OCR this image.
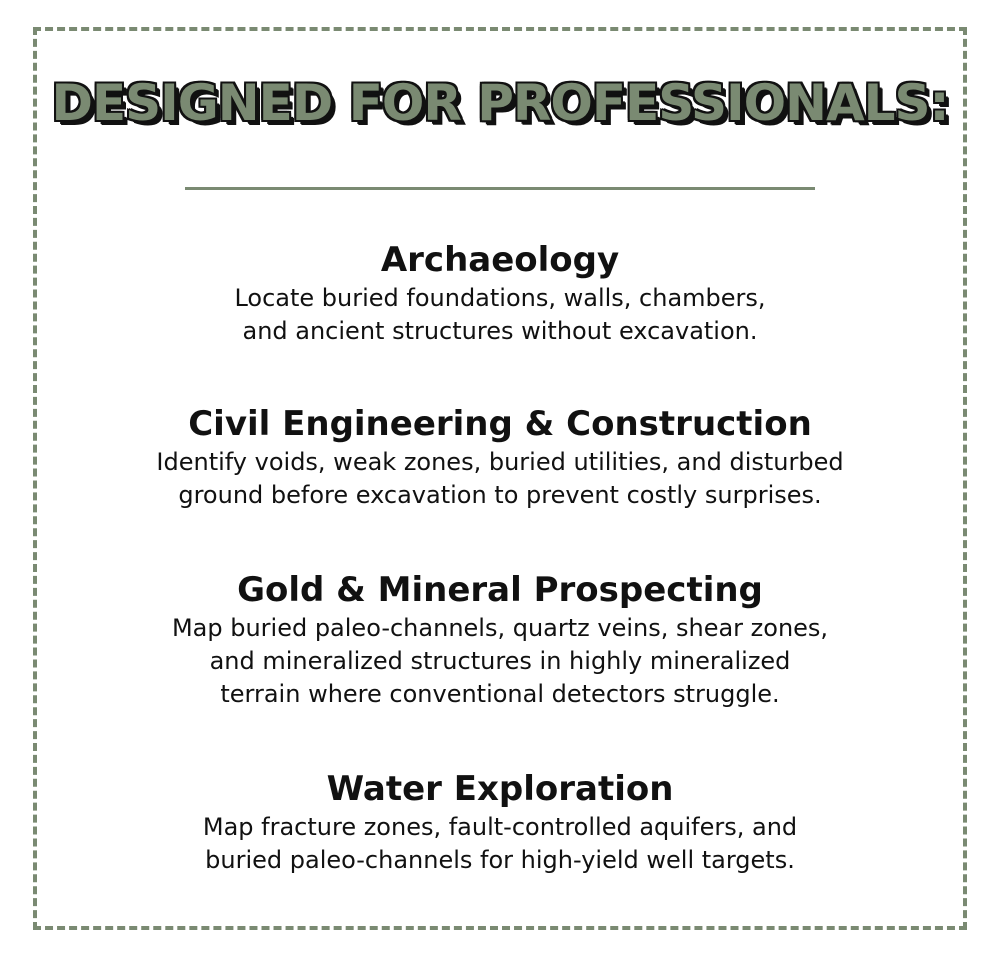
DESIGNED FOR PROFESSIONALS:
Archaeology

Locate buried foundations, walls, chambers,
and ancient structures without excavation.

Civil Engineering & Construction

Identify voids, weak zones, buried utilities, and disturbed
ground before excavation to prevent costly surprises.

Gold & Mineral Prospecting

Map buried paleo-channels, quartz veins, shear zones,
and mineralized structures in highly mineralized
terrain where conventional detectors struggle.

Water Exploration

Map fracture zones, fault-controlled aquifers, and
buried paleo-channels for high-yield well targets.
